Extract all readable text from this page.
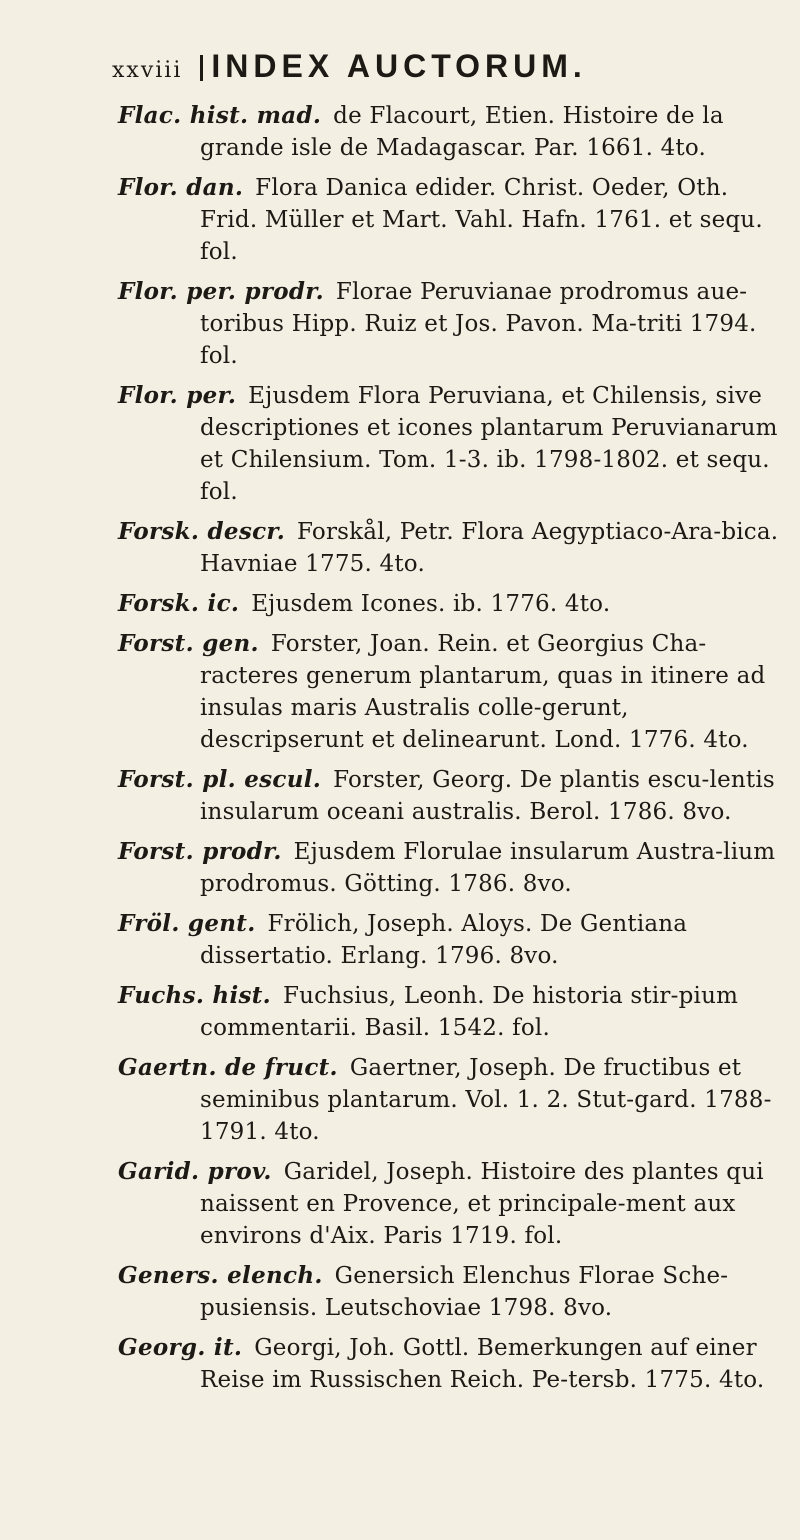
xxviii INDEX AUCTORUM.
Flac. hist. mad. de Flacourt, Etien. Histoire de la grande isle de Madagascar. Par. 1661. 4to.
Flor. dan. Flora Danica edider. Christ. Oeder, Oth. Frid. Müller et Mart. Vahl. Hafn. 1761. et sequ. fol.
Flor. per. prodr. Florae Peruvianae prodromus aue-toribus Hipp. Ruiz et Jos. Pavon. Ma-triti 1794. fol.
Flor. per. Ejusdem Flora Peruviana, et Chilensis, sive descriptiones et icones plantarum Peruvianarum et Chilensium. Tom. 1-3. ib. 1798-1802. et sequ. fol.
Forsk. descr. Forskål, Petr. Flora Aegyptiaco-Ara-bica. Havniae 1775. 4to.
Forsk. ic. Ejusdem Icones. ib. 1776. 4to.
Forst. gen. Forster, Joan. Rein. et Georgius Cha-racteres generum plantarum, quas in itinere ad insulas maris Australis colle-gerunt, descripserunt et delinearunt. Lond. 1776. 4to.
Forst. pl. escul. Forster, Georg. De plantis escu-lentis insularum oceani australis. Berol. 1786. 8vo.
Forst. prodr. Ejusdem Florulae insularum Austra-lium prodromus. Götting. 1786. 8vo.
Fröl. gent. Frölich, Joseph. Aloys. De Gentiana dissertatio. Erlang. 1796. 8vo.
Fuchs. hist. Fuchsius, Leonh. De historia stir-pium commentarii. Basil. 1542. fol.
Gaertn. de fruct. Gaertner, Joseph. De fructibus et seminibus plantarum. Vol. 1. 2. Stut-gard. 1788-1791. 4to.
Garid. prov. Garidel, Joseph. Histoire des plantes qui naissent en Provence, et principale-ment aux environs d'Aix. Paris 1719. fol.
Geners. elench. Genersich Elenchus Florae Sche-pusiensis. Leutschoviae 1798. 8vo.
Georg. it. Georgi, Joh. Gottl. Bemerkungen auf einer Reise im Russischen Reich. Pe-tersb. 1775. 4to.
